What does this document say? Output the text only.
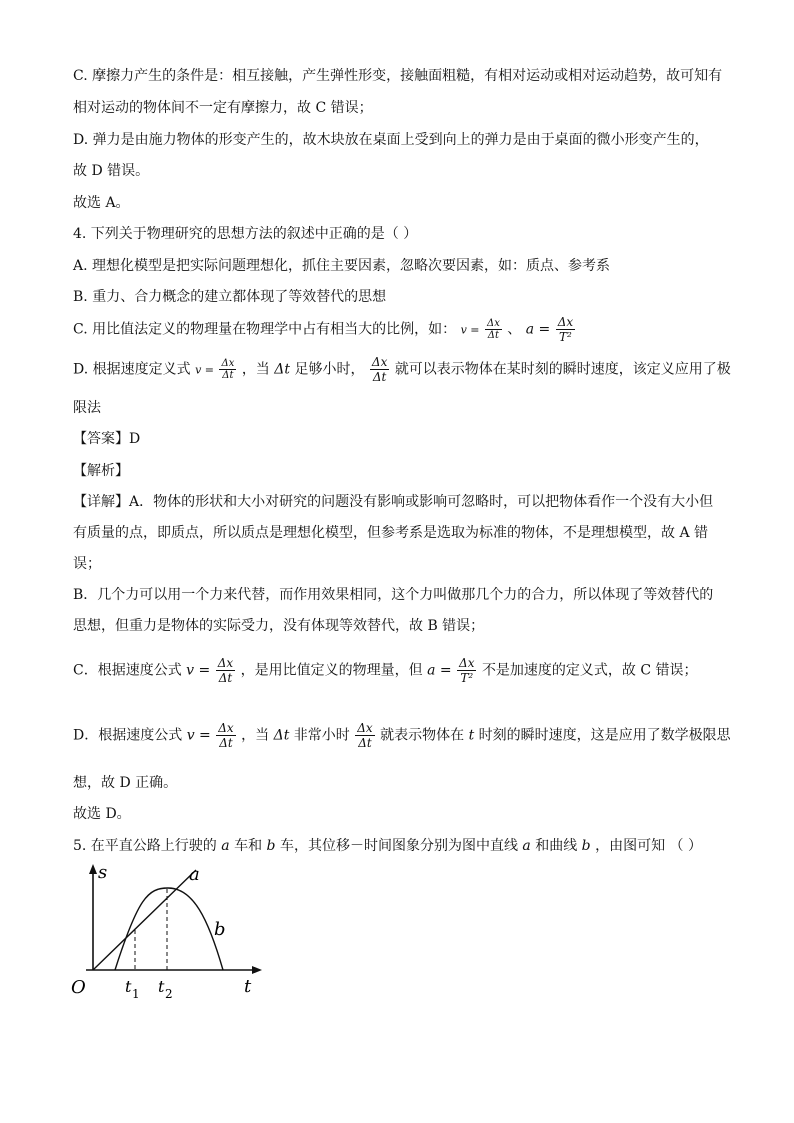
C. 摩擦力产生的条件是：相互接触，产生弹性形变，接触面粗糙，有相对运动或相对运动趋势，故可知有
相对运动的物体间不一定有摩擦力，故 C 错误；
D. 弹力是由施力物体的形变产生的，故木块放在桌面上受到向上的弹力是由于桌面的微小形变产生的，
故 D 错误。
故选 A。
4. 下列关于物理研究的思想方法的叙述中正确的是（ ）
A. 理想化模型是把实际问题理想化，抓住主要因素，忽略次要因素，如：质点、参考系
B. 重力、合力概念的建立都体现了等效替代的思想
C. 用比值法定义的物理量在物理学中占有相当大的比例，如： $v = \frac{\Delta x}{\Delta t}$ 、 $a = \frac{\Delta x}{\text{T²}}$
D. 根据速度定义式 $v = \frac{\Delta x}{\Delta t}$ ，当 Δt 足够小时， $\frac{\Delta x}{\Delta t}$ 就可以表示物体在某时刻的瞬时速度，该定义应用了极
限法
【答案】D
【解析】
【详解】A．物体的形状和大小对研究的问题没有影响或影响可忽略时，可以把物体看作一个没有大小但
有质量的点，即质点，所以质点是理想化模型，但参考系是选取为标准的物体，不是理想模型，故 A 错
误；
B．几个力可以用一个力来代替，而作用效果相同，这个力叫做那几个力的合力，所以体现了等效替代的
思想，但重力是物体的实际受力，没有体现等效替代，故 B 错误；
C．根据速度公式 $v = \frac{\Delta x}{\Delta t}$ ，是用比值定义的物理量，但 $a = \frac{\Delta x}{\text{T²}}$ 不是加速度的定义式，故 C 错误；
D．根据速度公式 $v = \frac{\Delta x}{\Delta t}$ ，当 Δt 非常小时 $\frac{\Delta x}{\Delta t}$ 就表示物体在 t 时刻的瞬时速度，这是应用了数学极限思
想，故 D 正确。
故选 D。
5. 在平直公路上行驶的 a 车和 b 车，其位移－时间图象分别为图中直线 a 和曲线 b ，由图可知 （ ）
s
t
O t 1 t 2
a
b
